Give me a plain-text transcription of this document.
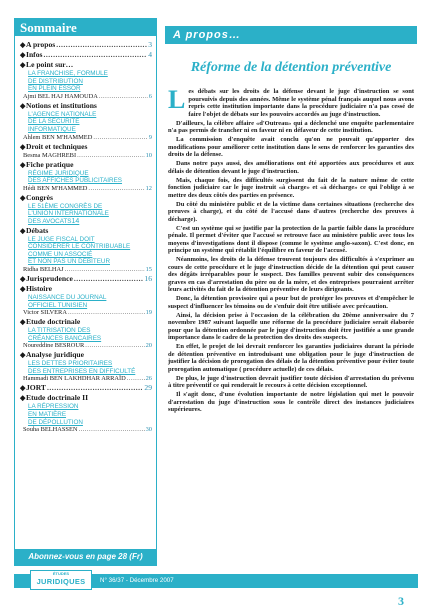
Sommaire
◆ A propos .....	3
◆ Infos .....	4
◆ Le point sur…
LA FRANCHISE, FORMULE
DE DISTRIBUTION
EN PLEIN ESSOR
Ajmi BEL HAJ HAMOUDA .....	6
◆ Notions et institutions
L'AGENCE NATIONALE
DE LA SÉCURITÉ
INFORMATIQUE
Ahlem BEN M'HAMMED .....	9
◆ Droit et techniques
Besma MAGHREBI .....	10
◆ Fiche pratique
RÉGIME JURIDIQUE
DES AFFICHES PUBLICITAIRES
Hédi BEN M'HAMMED .....	12
◆ Congrès
LE 51ÈME CONGRÈS DE
L'UNION INTERNATIONALE
DES AVOCATS 14
◆ Débats
LE JUGE FISCAL DOIT
CONSIDÉRER LE CONTRIBUABLE
COMME UN ASSOCIÉ
ET NON PAS UN DÉBITEUR
Ridha BELHAJ .....	15
◆ Jurisprudence .....	16
◆ Histoire
NAISSANCE DU JOURNAL
OFFICIEL TUNISIEN
Victor SILVERA .....	19
◆ Etude doctrinale
LA TITRISATION DES
CRÉANCES BANCAIRES
Noureddine BESROUR .....	20
◆ Analyse juridique
LES DETTES PRIORITAIRES
DES ENTREPRISES EN DIFFICULTÉ
Hammadi BEN LAKHDHAR ARRAÏD .....	26
◆ JORT .....	29
◆ Etude doctrinale II
LA RÉPRESSION
EN MATIÈRE
DE DÉPOLLUTION
Souha BELHASSEN .....	30
Abonnez-vous en page 28 (Fr)
A propos…
Réforme de la détention préventive

Les débats sur les droits de la défense devant le juge d'instruction se sont poursuivis depuis des années. Même le système pénal français auquel nous avons repris cette institution importante dans la procédure judiciaire n'a pas cessé de faire l'objet de débats sur les pouvoirs accordés au juge d'instruction.

D'ailleurs, la célèbre affaire «d'Outreau» qui a déclenché une enquête parlementaire n'a pas permis de trancher ni en faveur ni en défaveur de cette institution.

La commission d'enquête avait conclu qu'on ne pouvait qu'apporter des modifications pour améliorer cette institution dans le sens de renforcer les garanties des droits de la défense.

Dans notre pays aussi, des améliorations ont été apportées aux procédures et aux délais de détention devant le juge d'instruction.

Mais, chaque fois, des difficultés surgissent du fait de la nature même de cette fonction judiciaire car le juge instruit «à charge» et «à décharge» ce qui l'oblige à se mettre des deux côtés des parties en présence.

Du côté du ministère public et de la victime dans certaines situations (recherche des preuves à charge), et du côté de l'accusé dans d'autres (recherche des preuves à décharge).

C'est un système qui se justifie par la protection de la partie faible dans la procédure pénale. Il permet d'éviter que l'accusé se retrouve face au ministère public avec tous les moyens d'investigations dont il dispose (comme le système anglo-saxon). C'est donc, en principe un système qui rétablit l'équilibre en faveur de l'accusé.

Néanmoins, les droits de la défense trouvent toujours des difficultés à s'exprimer au cours de cette procédure et le juge d'instruction décide de la détention qui peut causer des dégâts irréparables pour le suspect. Des familles peuvent subir des conséquences graves en cas d'arrestation du père ou de la mère, et des entreprises pourraient arrêter leurs activités du fait de la détention préventive de leurs dirigeants.

Donc, la détention provisoire qui a pour but de protéger les preuves et d'empêcher le suspect d'influencer les témoins ou de s'enfuir doit être utilisée avec précaution.

Ainsi, la décision prise à l'occasion de la célébration du 20ème anniversaire du 7 novembre 1987 suivant laquelle une réforme de la procédure judiciaire serait élaborée pour que la détention ordonnée par le juge d'instruction doit être justifiée a une grande importance dans le cadre de la protection des droits des suspects.

En effet, le projet de loi devrait renforcer les garanties judiciaires durant la période de détention préventive en introduisant une obligation pour le juge d'instruction de justifier la décision de prorogation des délais de la détention préventive pour éviter toute prorogation automatique ( procédure actuelle) de ces délais.

De plus, le juge d'instruction devrait justifier toute décision d'arrestation du prévenu à titre préventif ce qui renderait le recours à cette décision exceptionnel.

Il s'agit donc, d'une évolution importante de notre législation qui met le pouvoir d'arrestation du juge d'instruction sous le contrôle direct des instances judiciaires supérieures.

ÉTUDES
JURIDIQUES	N° 36/37 - Décembre 2007
3
